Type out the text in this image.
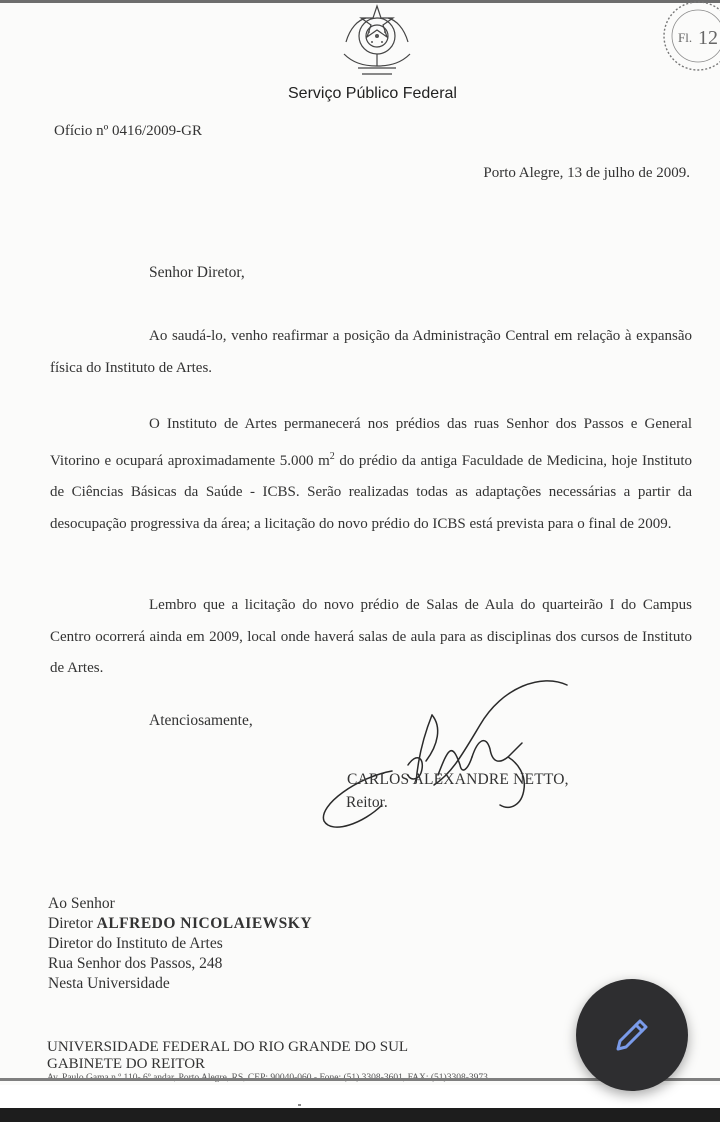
Serviço Público Federal
Fl. 12
Ofício nº 0416/2009-GR
Porto Alegre, 13 de julho de 2009.
Senhor Diretor,

Ao saudá-lo, venho reafirmar a posição da Administração Central em relação à expansão física do Instituto de Artes.

O Instituto de Artes permanecerá nos prédios das ruas Senhor dos Passos e General Vitorino e ocupará aproximadamente 5.000 $m^2$ do prédio da antiga Faculdade de Medicina, hoje Instituto de Ciências Básicas da Saúde - ICBS. Serão realizadas todas as adaptações necessárias a partir da desocupação progressiva da área; a licitação do novo prédio do ICBS está prevista para o final de 2009.

Lembro que a licitação do novo prédio de Salas de Aula do quarteirão I do Campus Centro ocorrerá ainda em 2009, local onde haverá salas de aula para as disciplinas dos cursos de Instituto de Artes.

Atenciosamente,
CARLOS ALEXANDRE NETTO,
Reitor.
Ao Senhor
Diretor ALFREDO NICOLAIEWSKY
Diretor do Instituto de Artes
Rua Senhor dos Passos, 248
Nesta Universidade
UNIVERSIDADE FEDERAL DO RIO GRANDE DO SUL
GABINETE DO REITOR
